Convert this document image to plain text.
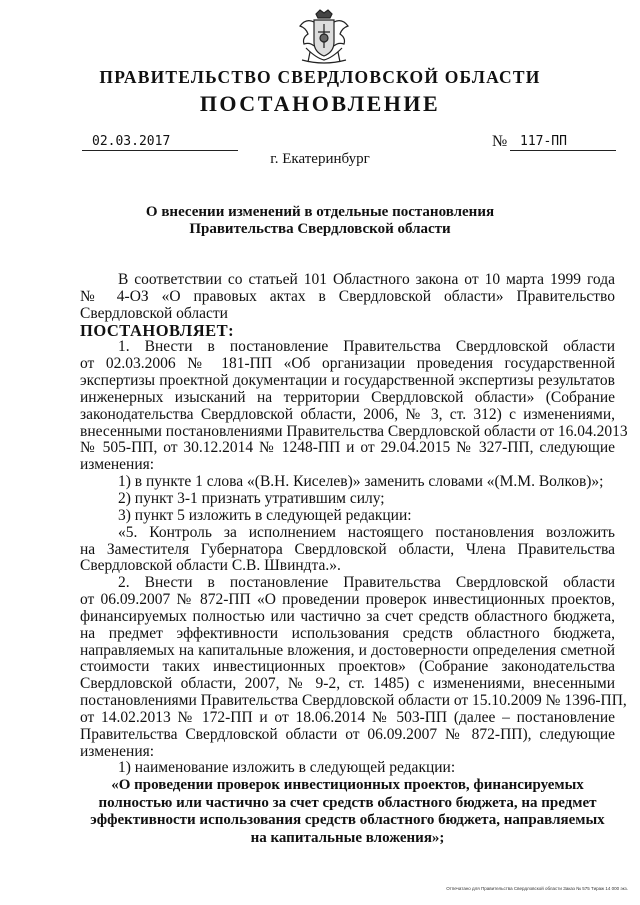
ПРАВИТЕЛЬСТВО СВЕРДЛОВСКОЙ ОБЛАСТИ
ПОСТАНОВЛЕНИЕ
02.03.2017	№ 117-ПП
г. Екатеринбург
О внесении изменений в отдельные постановления
Правительства Свердловской области

В соответствии со статьей 101 Областного закона от 10 марта 1999 года

№ 4-ОЗ «О правовых актах в Свердловской области» Правительство

Свердловской области

ПОСТАНОВЛЯЕТ:

1. Внести в постановление Правительства Свердловской области

от 02.03.2006 № 181-ПП «Об организации проведения государственной

экспертизы проектной документации и государственной экспертизы результатов

инженерных изысканий на территории Свердловской области» (Собрание

законодательства Свердловской области, 2006, № 3, ст. 312) с изменениями,

внесенными постановлениями Правительства Свердловской области от 16.04.2013

№ 505-ПП, от 30.12.2014 № 1248-ПП и от 29.04.2015 № 327-ПП, следующие

изменения:

1) в пункте 1 слова «(В.Н. Киселев)» заменить словами «(М.М. Волков)»;

2) пункт 3-1 признать утратившим силу;

3) пункт 5 изложить в следующей редакции:

«5. Контроль за исполнением настоящего постановления возложить

на Заместителя Губернатора Свердловской области, Члена Правительства

Свердловской области С.В. Швиндта.».

2. Внести в постановление Правительства Свердловской области

от 06.09.2007 № 872-ПП «О проведении проверок инвестиционных проектов,

финансируемых полностью или частично за счет средств областного бюджета,

на предмет эффективности использования средств областного бюджета,

направляемых на капитальные вложения, и достоверности определения сметной

стоимости таких инвестиционных проектов» (Собрание законодательства

Свердловской области, 2007, № 9-2, ст. 1485) с изменениями, внесенными

постановлениями Правительства Свердловской области от 15.10.2009 № 1396-ПП,

от 14.02.2013 № 172-ПП и от 18.06.2014 № 503-ПП (далее – постановление

Правительства Свердловской области от 06.09.2007 № 872-ПП), следующие

изменения:

1) наименование изложить в следующей редакции:

«О проведении проверок инвестиционных проектов, финансируемых
полностью или частично за счет средств областного бюджета, на предмет
эффективности использования средств областного бюджета, направляемых
на капитальные вложения»;
Отпечатано для Правительства Свердловской области Заказ № 575 Тираж 14 000 экз.
